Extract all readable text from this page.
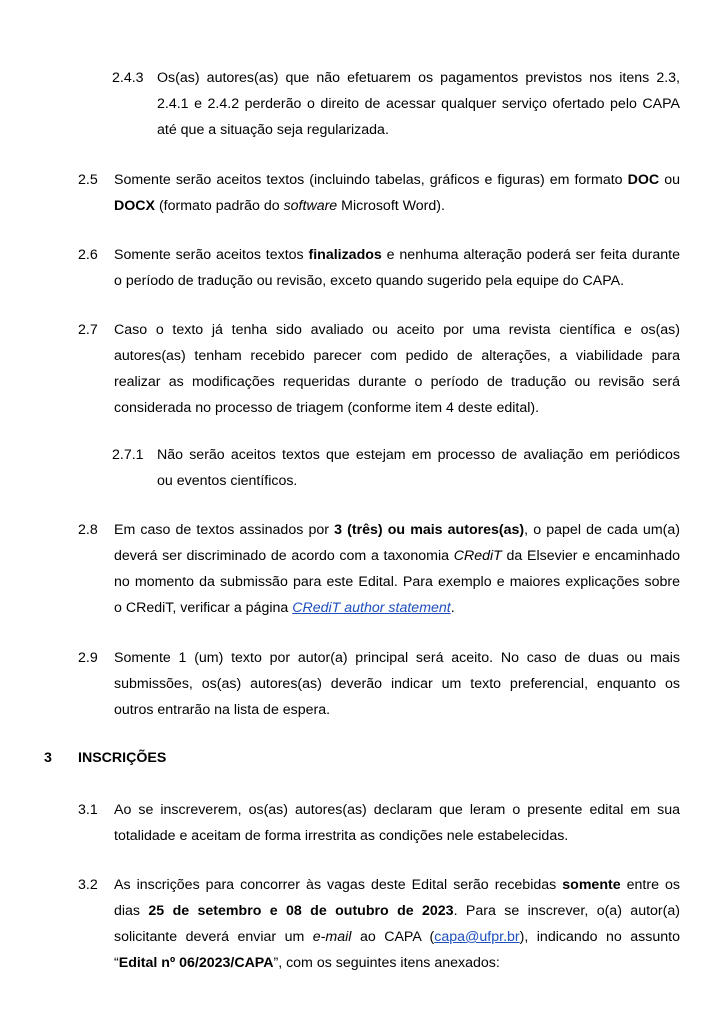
2.4.3 Os(as) autores(as) que não efetuarem os pagamentos previstos nos itens 2.3,
2.4.1 e 2.4.2 perderão o direito de acessar qualquer serviço ofertado pelo CAPA
até que a situação seja regularizada.
2.5 Somente serão aceitos textos (incluindo tabelas, gráficos e figuras) em formato DOC ou
DOCX (formato padrão do software Microsoft Word).
2.6 Somente serão aceitos textos finalizados e nenhuma alteração poderá ser feita durante
o período de tradução ou revisão, exceto quando sugerido pela equipe do CAPA.
2.7 Caso o texto já tenha sido avaliado ou aceito por uma revista científica e os(as)
autores(as) tenham recebido parecer com pedido de alterações, a viabilidade para
realizar as modificações requeridas durante o período de tradução ou revisão será
considerada no processo de triagem (conforme item 4 deste edital).
2.7.1 Não serão aceitos textos que estejam em processo de avaliação em periódicos
ou eventos científicos.
2.8 Em caso de textos assinados por 3 (três) ou mais autores(as), o papel de cada um(a)
deverá ser discriminado de acordo com a taxonomia CRediT da Elsevier e encaminhado
no momento da submissão para este Edital. Para exemplo e maiores explicações sobre
o CRediT, verificar a página CRediT author statement.
2.9 Somente 1 (um) texto por autor(a) principal será aceito. No caso de duas ou mais
submissões, os(as) autores(as) deverão indicar um texto preferencial, enquanto os
outros entrarão na lista de espera.
3 INSCRIÇÕES
3.1 Ao se inscreverem, os(as) autores(as) declaram que leram o presente edital em sua
totalidade e aceitam de forma irrestrita as condições nele estabelecidas.
3.2 As inscrições para concorrer às vagas deste Edital serão recebidas somente entre os
dias 25 de setembro e 08 de outubro de 2023. Para se inscrever, o(a) autor(a)
solicitante deverá enviar um e-mail ao CAPA (capa@ufpr.br), indicando no assunto
“Edital nº 06/2023/CAPA”, com os seguintes itens anexados:
